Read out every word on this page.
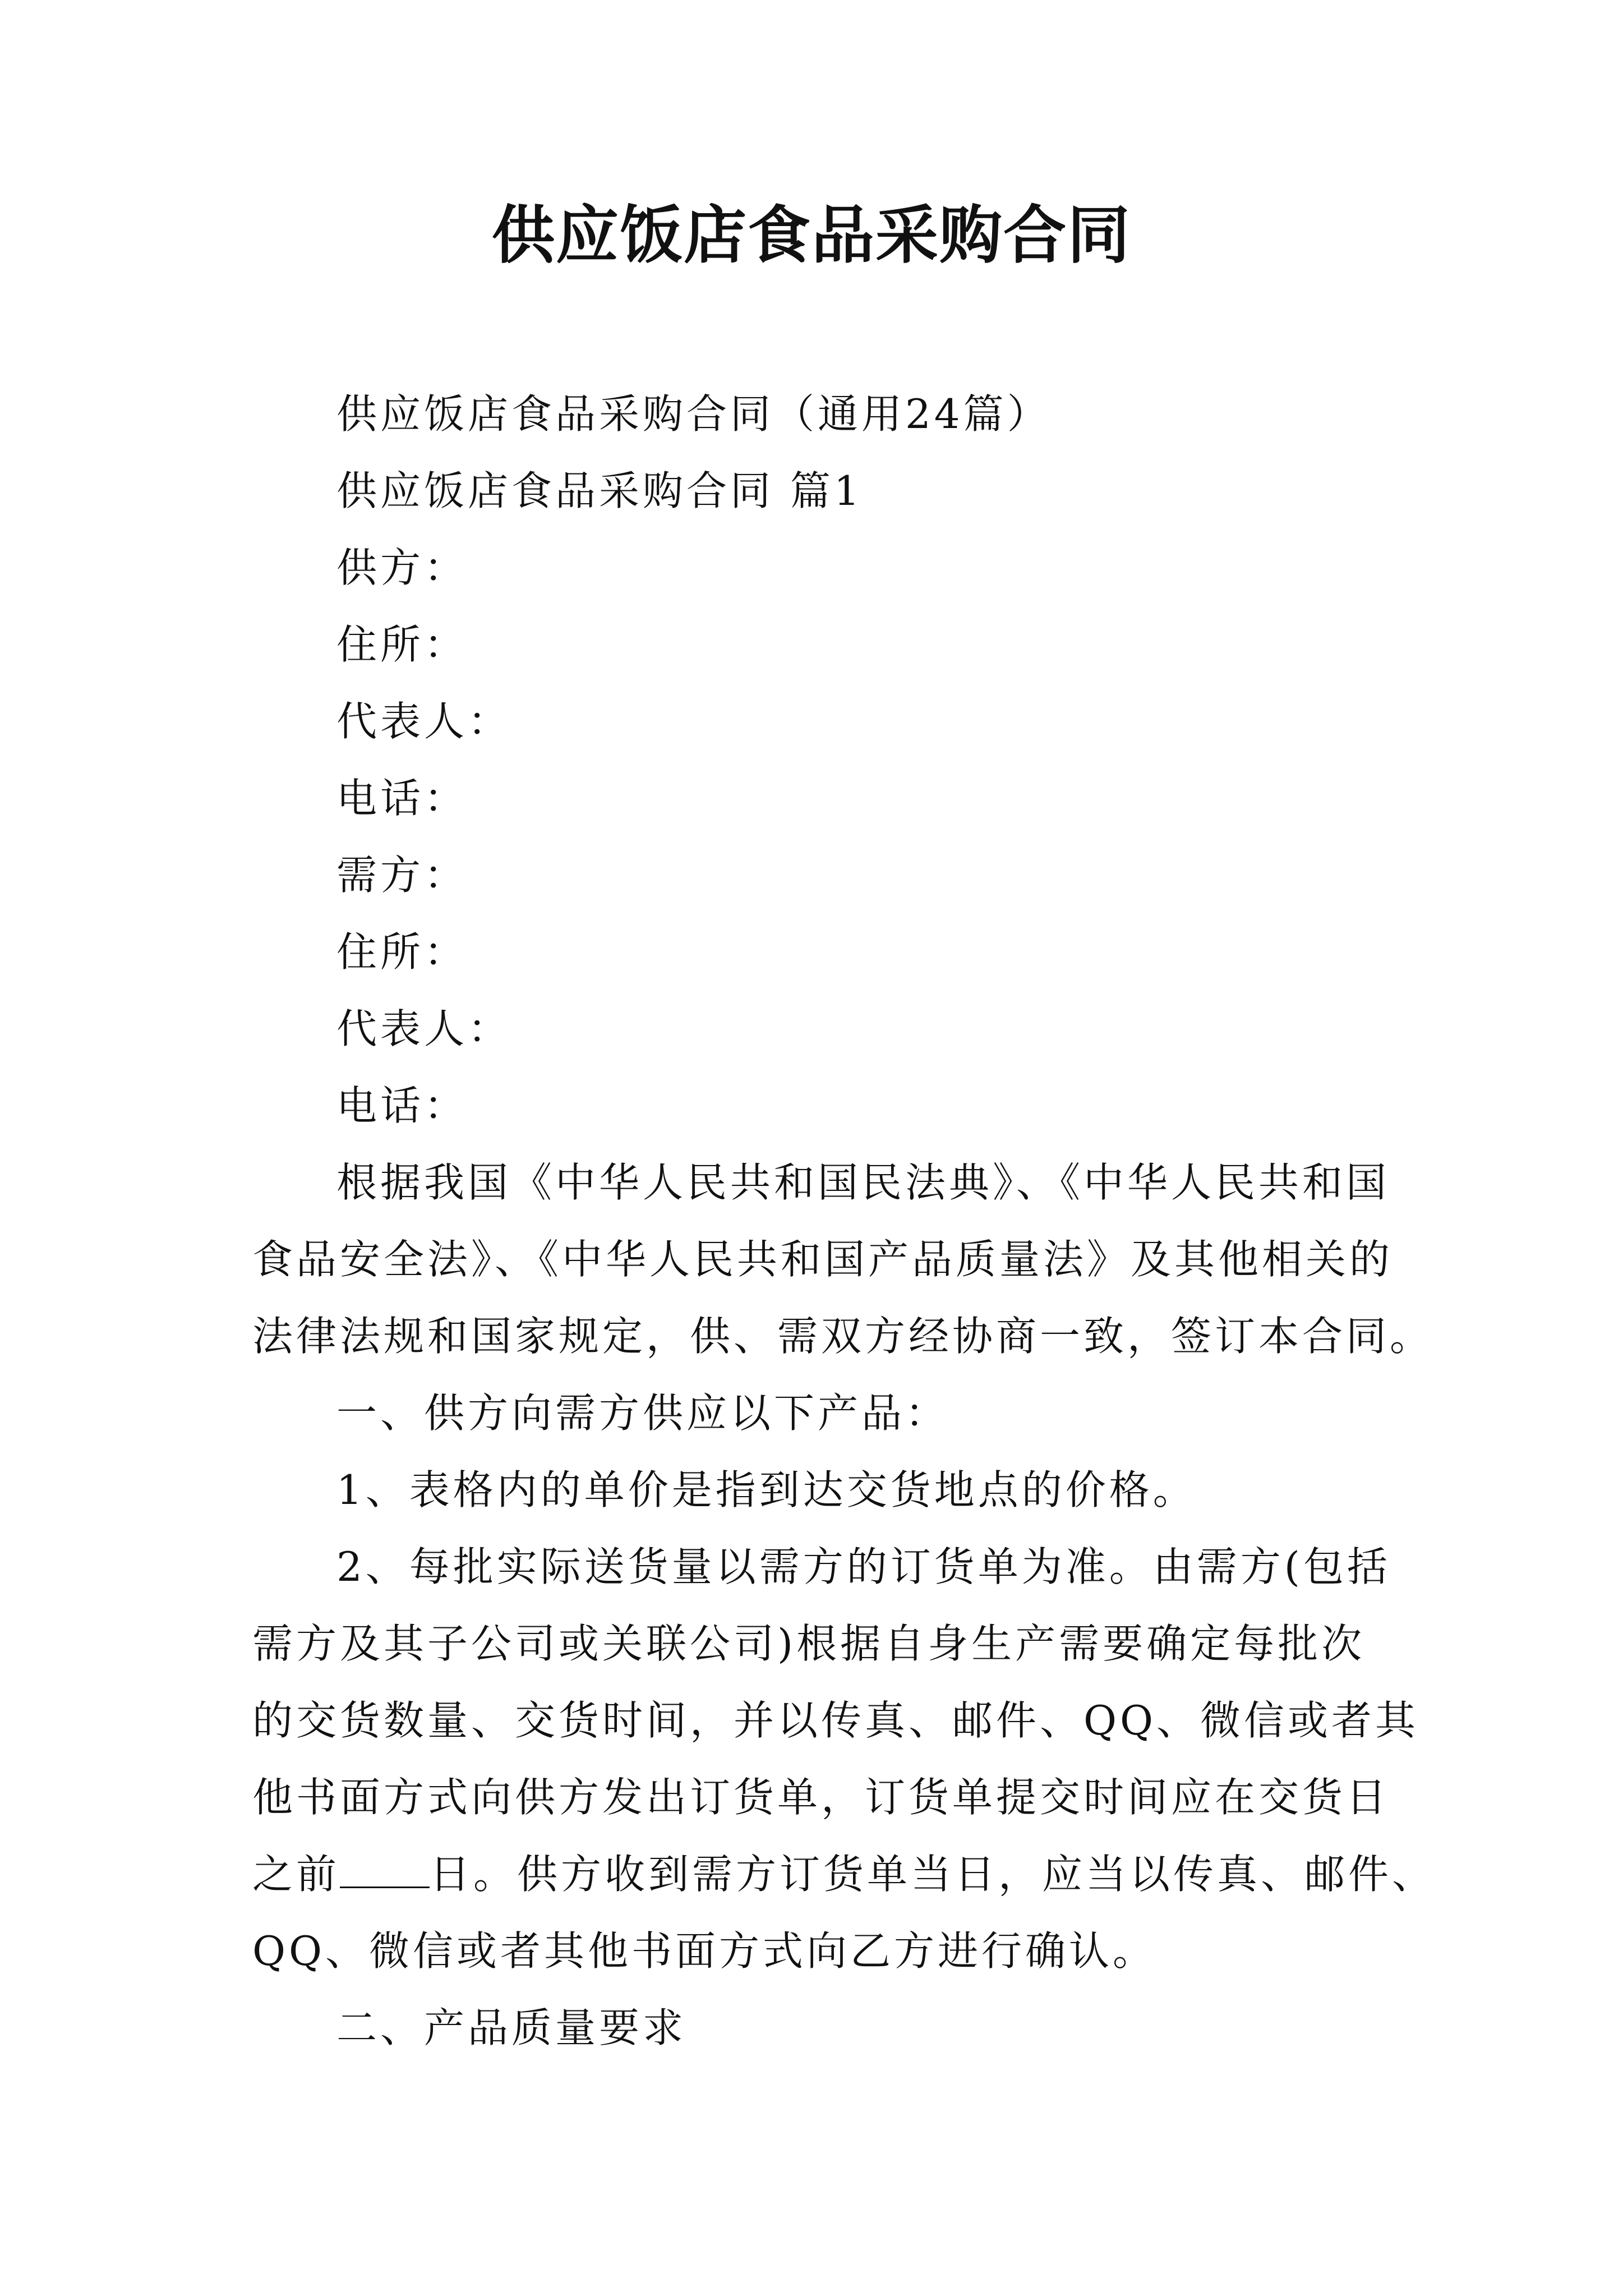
供应饭店食品采购合同
供应饭店食品采购合同（通用24篇）
供应饭店食品采购合同 篇1
供方：
住所：
代表人：
电话：
需方：
住所：
代表人：
电话：
根据我国《中华人民共和国民法典》、《中华人民共和国
食品安全法》、《中华人民共和国产品质量法》及其他相关的
法律法规和国家规定，供、需双方经协商一致，签订本合同。
一、供方向需方供应以下产品：
1、表格内的单价是指到达交货地点的价格。
2、每批实际送货量以需方的订货单为准。由需方(包括
需方及其子公司或关联公司)根据自身生产需要确定每批次
的交货数量、交货时间，并以传真、邮件、QQ、微信或者其
他书面方式向供方发出订货单，订货单提交时间应在交货日
之前 日。供方收到需方订货单当日，应当以传真、邮件、
QQ、微信或者其他书面方式向乙方进行确认。
二、产品质量要求
